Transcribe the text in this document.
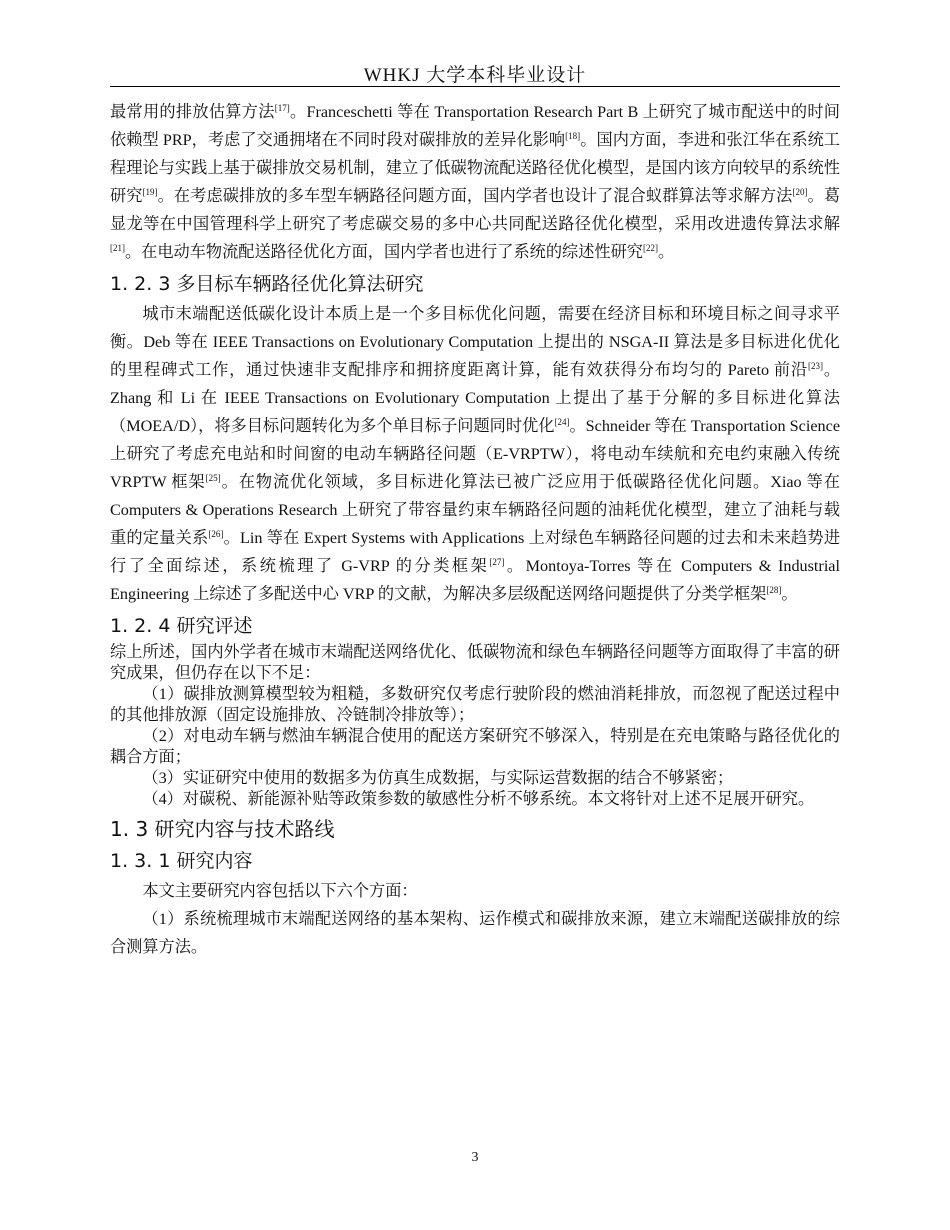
WHKJ 大学本科毕业设计

最常用的排放估算方法[17]。Franceschetti 等在 Transportation Research Part B 上研究了城市配送中的时间依赖型 PRP，考虑了交通拥堵在不同时段对碳排放的差异化影响[18]。国内方面，李进和张江华在系统工程理论与实践上基于碳排放交易机制，建立了低碳物流配送路径优化模型，是国内该方向较早的系统性研究[19]。在考虑碳排放的多车型车辆路径问题方面，国内学者也设计了混合蚁群算法等求解方法[20]。葛显龙等在中国管理科学上研究了考虑碳交易的多中心共同配送路径优化模型，采用改进遗传算法求解[21]。在电动车物流配送路径优化方面，国内学者也进行了系统的综述性研究[22]。

1. 2. 3 多目标车辆路径优化算法研究

城市末端配送低碳化设计本质上是一个多目标优化问题，需要在经济目标和环境目标之间寻求平衡。Deb 等在 IEEE Transactions on Evolutionary Computation 上提出的 NSGA-II 算法是多目标进化优化的里程碑式工作，通过快速非支配排序和拥挤度距离计算，能有效获得分布均匀的 Pareto 前沿[23]。Zhang 和 Li 在 IEEE Transactions on Evolutionary Computation 上提出了基于分解的多目标进化算法（MOEA/D），将多目标问题转化为多个单目标子问题同时优化[24]。Schneider 等在 Transportation Science 上研究了考虑充电站和时间窗的电动车辆路径问题（E-VRPTW），将电动车续航和充电约束融入传统 VRPTW 框架[25]。在物流优化领域，多目标进化算法已被广泛应用于低碳路径优化问题。Xiao 等在 Computers & Operations Research 上研究了带容量约束车辆路径问题的油耗优化模型，建立了油耗与载重的定量关系[26]。Lin 等在 Expert Systems with Applications 上对绿色车辆路径问题的过去和未来趋势进行了全面综述，系统梳理了 G-VRP 的分类框架[27]。Montoya-Torres 等在 Computers & Industrial Engineering 上综述了多配送中心 VRP 的文献，为解决多层级配送网络问题提供了分类学框架[28]。

1. 2. 4 研究评述

综上所述，国内外学者在城市末端配送网络优化、低碳物流和绿色车辆路径问题等方面取得了丰富的研究成果，但仍存在以下不足：

（1）碳排放测算模型较为粗糙，多数研究仅考虑行驶阶段的燃油消耗排放，而忽视了配送过程中的其他排放源（固定设施排放、冷链制冷排放等）；

（2）对电动车辆与燃油车辆混合使用的配送方案研究不够深入，特别是在充电策略与路径优化的耦合方面；

（3）实证研究中使用的数据多为仿真生成数据，与实际运营数据的结合不够紧密；

（4）对碳税、新能源补贴等政策参数的敏感性分析不够系统。本文将针对上述不足展开研究。

1. 3 研究内容与技术路线
1. 3. 1 研究内容

本文主要研究内容包括以下六个方面：

（1）系统梳理城市末端配送网络的基本架构、运作模式和碳排放来源，建立末端配送碳排放的综合测算方法。

3
